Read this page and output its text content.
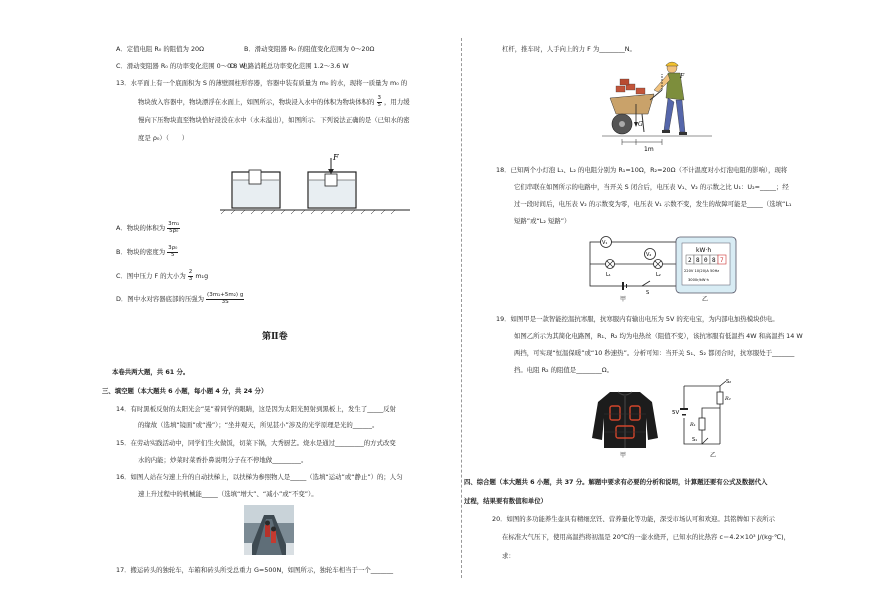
A．定值电阻 R₀ 的阻值为 20Ω	B．滑动变阻器 R₀ 的阻值变化范围为 0～20Ω
C．滑动变阻器 R₀ 的功率变化范围 0～0.8 W
D．电路消耗总功率变化范围 1.2～3.6 W
13．水平面上有一个底面积为 S 的薄壁圆柱形容器，容器中装有质量为 m₀ 的水，现将一质量为 m₀ 的
物块放入容器中，物块漂浮在水面上，如图所示，物块浸入水中的体积为物块体积的 $\frac{3}{5}$ ，用力缓
慢向下压物块直至物块恰好浸没在水中（水未溢出），如图所示．下列说法正确的是（已知水的密
度是 ρ₀）（　　）
F
A．物块的体积为 $\frac{\text{3m₁}}{\text{5ρ₀}}$
B．物块的密度为 $\frac{\text{3ρ₀}}{5}$
C．图中压力 F 的大小为 $\frac{2}{3} m_1g$
D．图中水对容器底部的压强为 $\frac{\text{(3m₁+5m₂) g}}{3S}$
第Ⅱ卷
本卷共两大题，共 61 分。
三、填空题（本大题共 6 小题，每小题 4 分，共 24 分）
14．有时黑板反射的太阳光会“晃”着同学的眼睛，这是因为太阳光照射到黑板上，发生了_____反射
的缘故（选填“镜面”或“漫”）；“坐井观天，所见甚小”涉及的光学原理是光的______。
15．在劳动实践活动中，同学们生火做饭，切菜下锅，大秀厨艺。烧水是通过_________的方式改变
水的内能；炒菜时菜香扑鼻说明分子在不停地做_________。
16．如图人站在匀速上升的自动扶梯上，以扶梯为参照物人是_____（选填“运动”或“静止”）的；人匀
速上升过程中的机械能_____（选填“增大”、“减小”或“不变”）。
17．搬运砖头的独轮车，车箱和砖头所受总重力 G=500N，如图所示，独轮车相当于一个_______
杠杆，推车时，人手向上的力 F 为________N。
G
F
1m
18．已知两个小灯泡 L₁、L₂ 的电阻分别为 R₁=10Ω，R₂=20Ω（不计温度对小灯泡电阻的影响），现将
它们串联在如图所示的电路中，当开关 S 闭合后，电压表 V₁、V₂ 的示数之比 U₁：U₂=_____；经
过一段时间后，电压表 V₂ 的示数变为零，电压表 V₁ 示数不变，发生的故障可能是_____（选填“L₁
短路”或“L₂ 短路”）
V₁
V₂
L₁	L₂
S
甲
kW·h
2 8 0 8 7
220V 10(20)A 50Hz
3000r/kW·h
乙
19．如图甲是一款智能控温抗寒服，抗寒服内有输出电压为 5V 的充电宝，为内部电加热模块供电。
如图乙所示为其简化电路图，R₁、R₂ 均为电热丝（阻值不变），该抗寒服有低温挡 4W 和高温挡 14 W
两挡，可实现“恒温保暖”或“10 秒速热”。分析可知：当开关 S₁、S₂ 都闭合时，抗寒服处于_______
挡。电阻 R₂ 的阻值是________Ω。
甲
5V
S₂
R₂
R₁
S₁
乙
四、综合题（本大题共 6 小题，共 37 分。解题中要求有必要的分析和说明，计算题还要有公式及数据代入
过程，结果要有数值和单位）
20．如图的多功能养生壶具有精细烹饪、营养量化等功能，深受市场认可和欢迎。其铭牌如下表所示
在标准大气压下，使用高温挡将初温是 20℃的一壶水烧开，已知水的比热容 c＝4.2×10³ J/(kg·℃)，
求：
